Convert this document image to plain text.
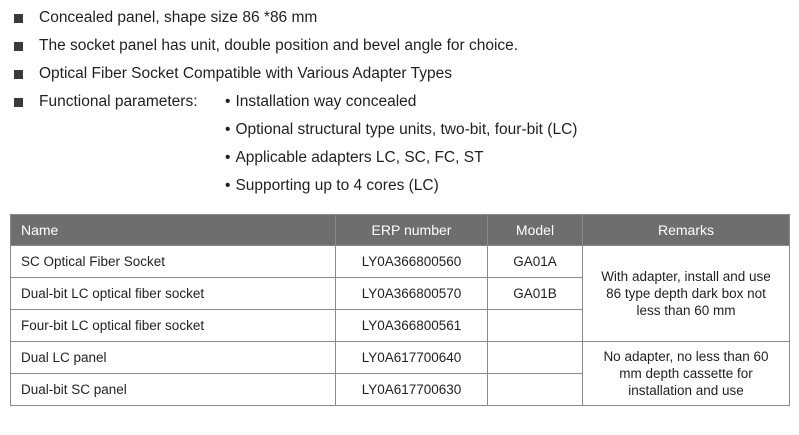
Concealed panel, shape size 86 *86 mm
The socket panel has unit, double position and bevel angle for choice.
Optical Fiber Socket Compatible with Various Adapter Types
Functional parameters:	• Installation way concealed
• Optional structural type units, two-bit, four-bit (LC)
• Applicable adapters LC, SC, FC, ST
• Supporting up to 4 cores (LC)
Name	ERP number	Model	Remarks
SC Optical Fiber Socket	LY0A366800560	GA01A	With adapter, install and use 86 type depth dark box not less than 60 mm
Dual-bit LC optical fiber socket	LY0A366800570	GA01B	
Four-bit LC optical fiber socket	LY0A366800561		
Dual LC panel	LY0A617700640		No adapter, no less than 60 mm depth cassette for installation and use
Dual-bit SC panel	LY0A617700630		
